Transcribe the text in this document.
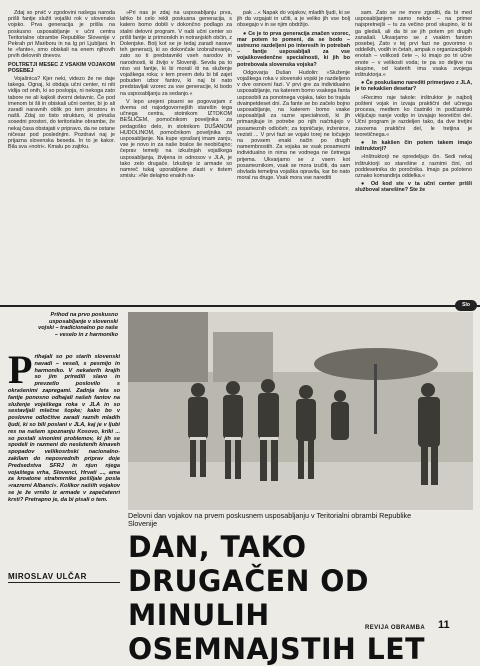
Zdaj so prvič v zgodovini našega naroda prišli fantje služit vojaški rok v slovensko vojsko. Prva generacija je prišla na poskusno usposabljanje v učni centra Teritorialne obrambe Republike Slovenije v Pekrah pri Mariboru in na Ig pri Ljubljani. In te »fante«, smo obiskali na enem njihovih prvih delovnih dnevov.

POLTRETJI MESEC Z VSAKIM VOJAKOM POSEBEJ

Vojašnica? Kjer neki, videzo že ne daje takega. Ognaj, ki obdaja učni center, ni niti vidija od onih, ki so poslopja, ni nekoga zato tabore ne ali kajkoli dvorni delavnic. Če pod imenom bi šli in obiskali učni center, bi jo ali zaradi naravnih oblik po tem prostoru in našli. Zdaj so tisto strukturo, ki prinaša sosedni prostori, do teritorialne obrambe, že nekaj časa obstajati v pripravo, da ne ostane ničesar pod poslednjim. Pozdravi naj je prijazna slovenska beseda. In to je kakor. Bila sva »notri«. Kmalu po zajtrku.

»Pri nas je zdaj na usposabljanju prva, lahko bi celo rekli poskusna generacija, s katero bomo dobili v dokončno podlago za stalni delovni program. V naši učni center so prišli fantje iz primorskih in notranjskih občin, z Dolenjske. Bolj kot se je tedaj zaradi narave teh generacij, ki so dokončale izobraževanje, zato so ti predstavniki vseh narodov in narodnosti, ki živijo v Sloveniji. Sevda pa to niso vsi fantje, ki bi morali iti na služenje vojaškega roka; v tem prvem delu bi bil zajet pobuden izbor fantov, ki naj bi nato predstavljali vzorec za vse generacije, ki bodo na usposabljanju za sedanjo.«

V lepo urejeni pisarni se pogovarjam z dvema od najodgovornejših starešin tega učnega centra, stotnikom IZTOKOM BEŠLIČEM, pomočnikom poveljnika za pedagoško delo, in stotnikom DUŠANOM HUDOLINOM, pomočnikom poveljnika za usposabljanje. Na kupe vprašanj imam zanju, vse je novo in za naše bralce še neobičajno; čeprav temelji na izkušnjah vojaškega usposabljanja, živijena in odnosov v JLA, je tako zelo drugače. Izkušnje iz armade so namreč tukaj uporabljene zlasti v tistem smislu: »Ne delajmo enakih na-

pak ...« Napak do vojakov, mladih ljudi, ki se jih da vzgajati in učiti, a je veliko jih vse bolj obsegajo v in se njim obdržijo.

● Ce je to prva generacija značen vzorec, mar potem to pomeni, da se bodo – ustrezno razdeljeni po interesih in potrebah – fantje usposabljali za vse vojaškovedenčne specialnosti, ki jih bo potrebovala slovenska vojska?

Odgovarja Dušan Hudolin: »Služenje vojaškega roka v slovenski vojski je razdeljeno v dve osnovni fazi. V prvi gre za individualno usposabljanje, na katerem bomo vsakega fanta usposobili za ponotnega vojaka, tako bo trajala dvainpetdeset dni. Za fante se bo začelo bojno usposabljanje, na katerem bomo vsake usposabljali za razne specialnosti, ki jih primanjkuje in potrebe po njih načrtujejo v posameznih odločeh; za topničarje, inženirce, vezisti ... V prvi fazi se vojaki torej ne ločujejo na povsem enaki način po drugih namembnostih. Za vojaka se vsak posamezni individualno in nima ne vodnega ne četnega prijema. Ukvarjamo se z vsem kot posameznikom, vsak se mora izučiti, da sam obvlada temeljna vojaška opravila, kar bo nato moral na druge. Vsak mora vse narediti

sam. Zato se ne more zgoditi, da bi med usposabljanjem samo nekdo – na primer najspretnejši – tu za večino prod skupino, ki bi ga gledali, ali da bi se jih potem pri drugih zanašali. Ukvarjamo se z vsakim fantom posebej. Zato v tej prvi fazi ne govorimo o oddelkih, vodih in četah, ampak o organizacijskih enotah – volikosti čete –, ki imajo po tri učne enote – v velikosti voda; te pa so deljive na skupine, od katerih ima vsaka svojega inštruktorja.«

● Če poskušamo narediti primerjavo z JLA, je to nekakšen desetar?

»Recimo raje takole: inštruktor je najbolj pošteni vojak in izvaja praktični del učnega procesa, medtem ko častniki in podčastniki vključajo nanje vodijo in izvajajo teoretični del. Učni program je razdeljen tako, da dve tretjini zavzema praktični del, le tretjina je teoretičnega.«

● In kakšen čin potem takem imajo inštruktorji?

»Inštruktorji ne opredeljujo čin. Sedi nekaj inštruktorji so starešine z raznimi čini, od poddesetnika do poročnika. Imajo pa poloteno oznako komandirja oddelka.«

● Od kod ste v ta učni center prišli služboval starešine? Ste že

Slo
Prihod na prvo poskusno usposabljanje v slovenski vojski – tradicionalno po naše – veselo in z harmoniko
Prihajali so po starih slovenski navadi – veseli, s pesmijo in harmoniko. V nekaterih krajih so jim priredili slavo in prevzetlo poslovilo s okrašenimi zapregami. Zadnja leta so fantje ponosno odhajali našeh fantov na služenje vojaškega roka v JLA in so sestavljali mlečne šopke; kako bo v poslovne odločitve zaradi raznih mladih ljudi, ki so bili poslani v JLA, kaj je v ljubi res na našem spoznanju Kosovo, kriki ... so postali sinonimi problemov, ki jih se spodeli in razmeni do neslutenih kinaveh spopadov veliikosrbski nacionalno-zakilam do neposrednih priprav doje Predsedstva SFRJ in njun njega vojaštega vrha, Slovenci, Hrvati ..., ama za kroatone strahmrnike pošiljale posla »razrerni Albanci«. Kolikor našiih vojakov se je že vrnilo iz armade v zapečatenrí krstí? Pretrapno je, da bi pisali o tem.
MIROSLAV ULČAR
Delovni dan vojakov na prvem poskusnem usposabljanju v Teritorialni obrambi Republike Slovenije
DAN, TAKO DRUGAČEN OD MINULIH OSEMNAJSTIH LET
REVIJA OBRAMBA 11
